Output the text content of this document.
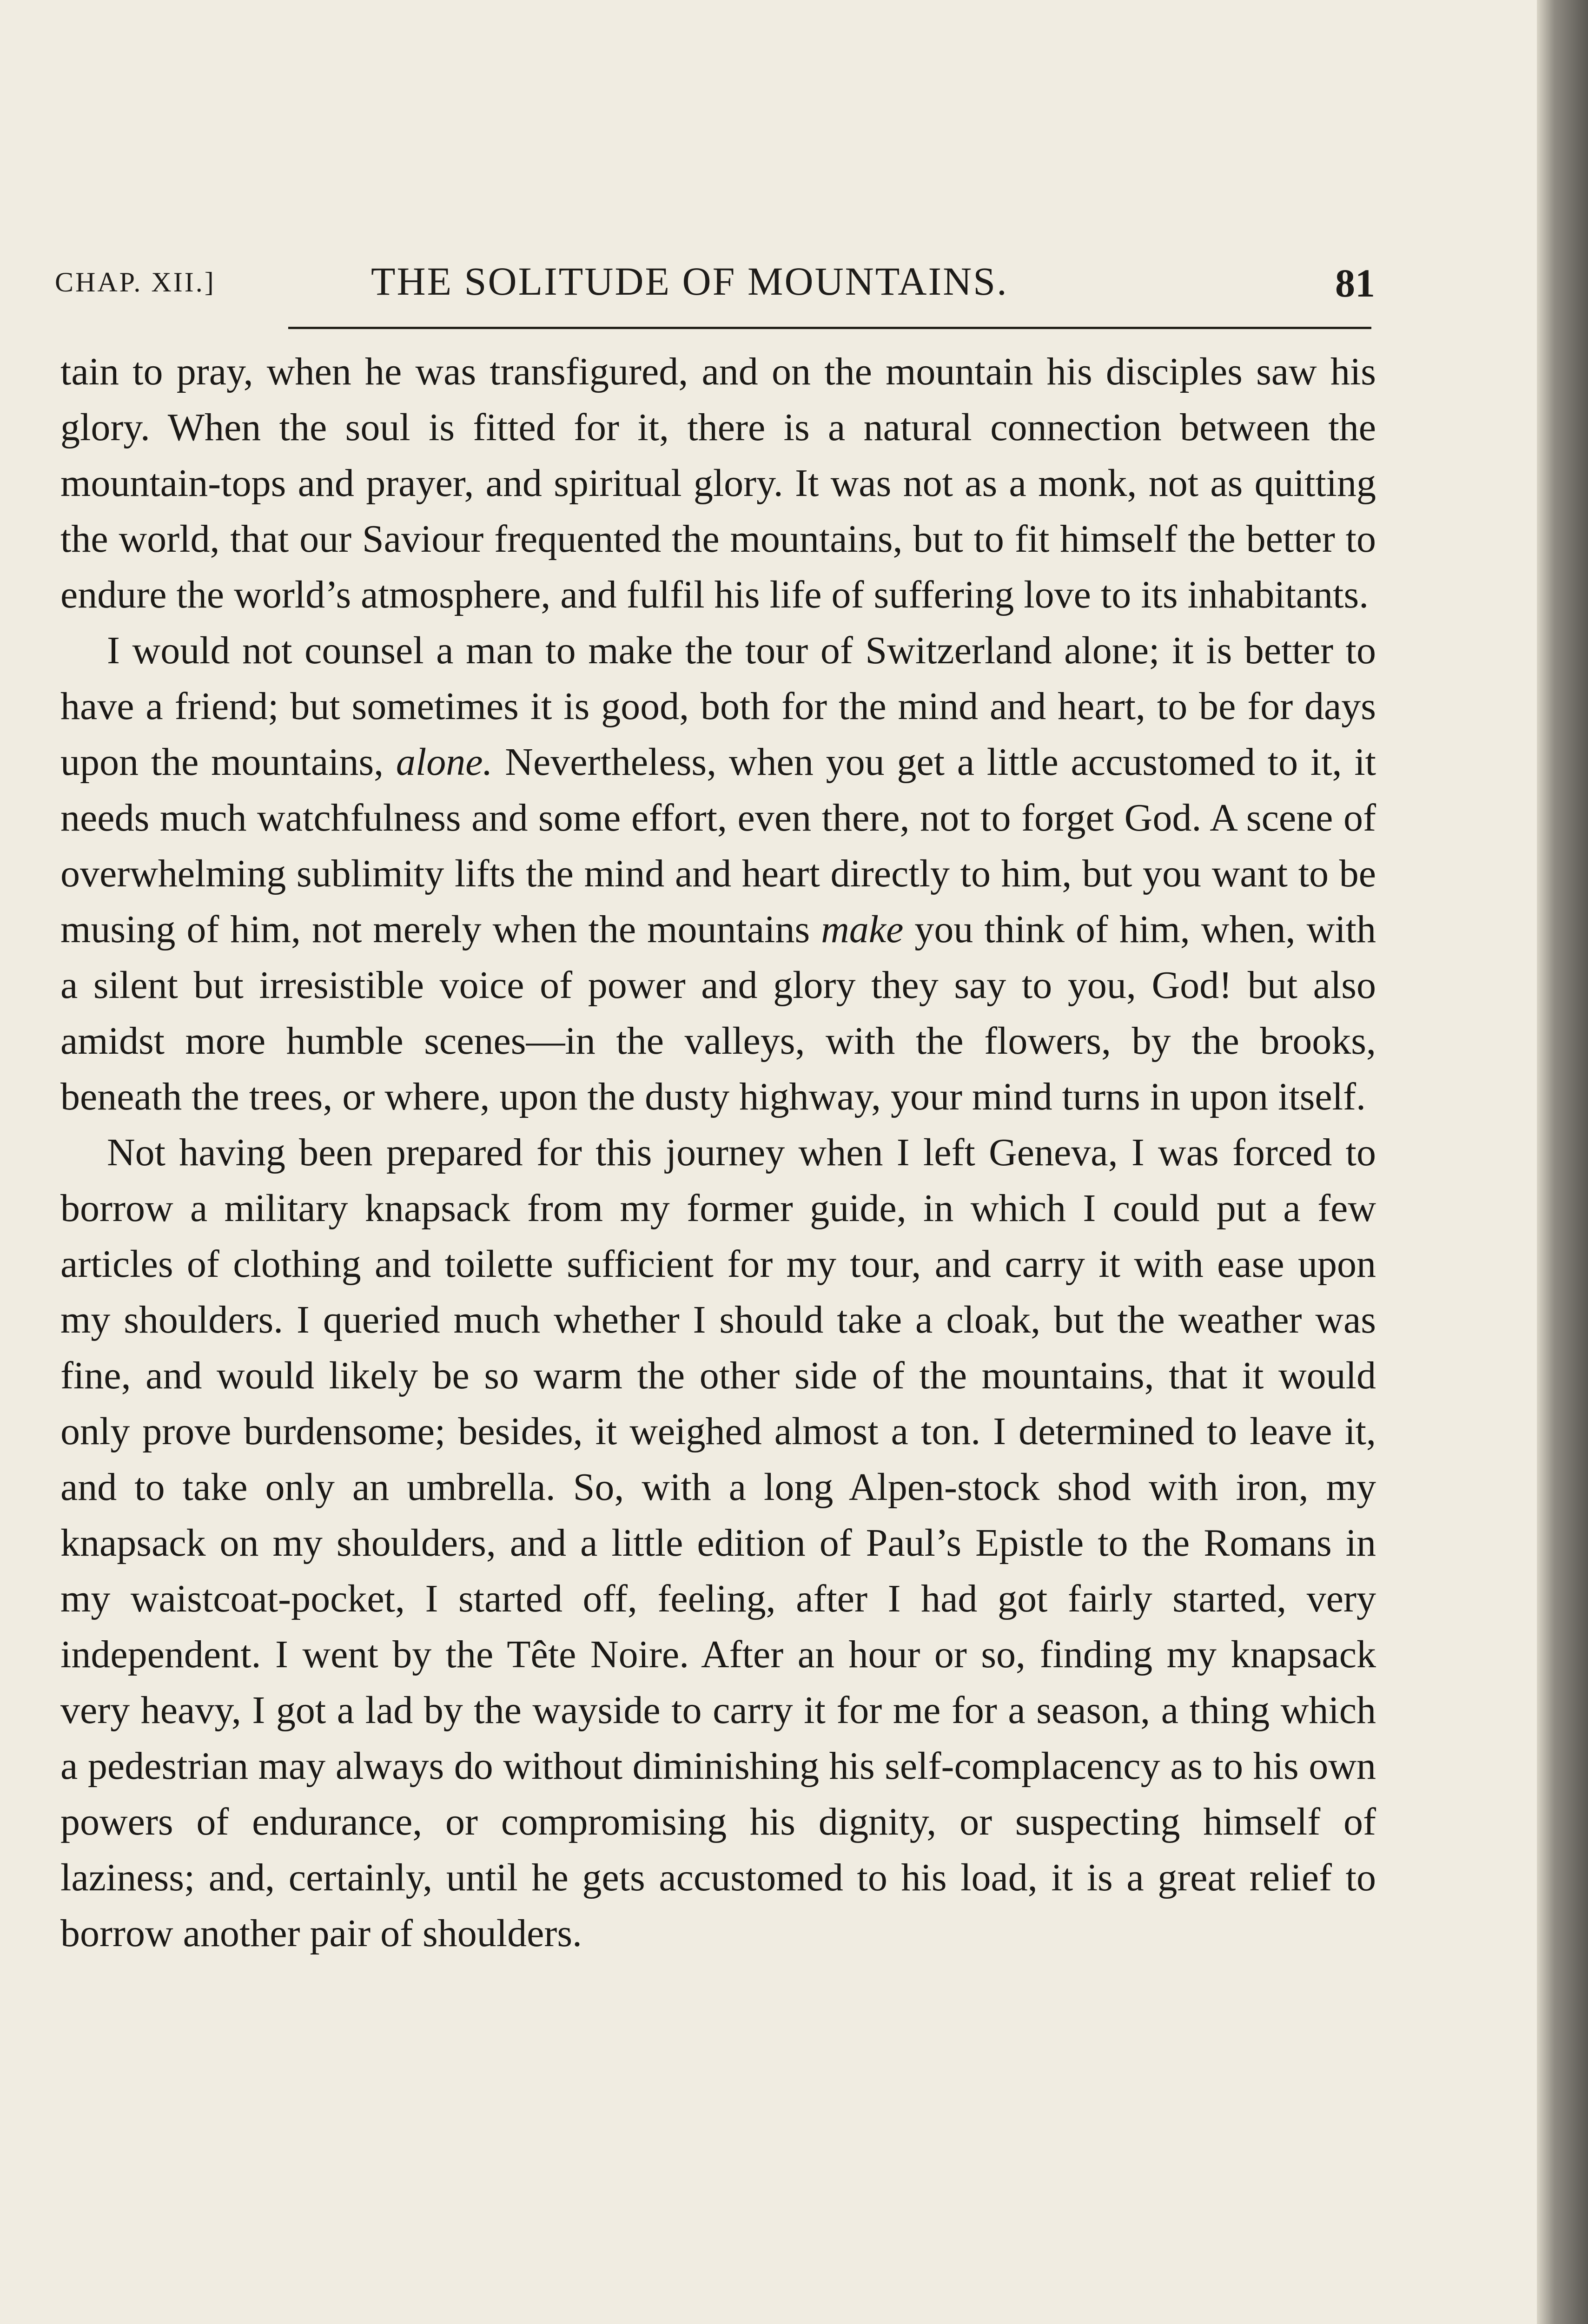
CHAP. XII.]	THE SOLITUDE OF MOUNTAINS.	81

tain to pray, when he was transfigured, and on the mountain his disciples saw his glory. When the soul is fitted for it, there is a natural connection between the mountain-tops and prayer, and spiritual glory. It was not as a monk, not as quitting the world, that our Saviour frequented the mountains, but to fit himself the better to endure the world’s atmosphere, and fulfil his life of suffering love to its inhabitants.

I would not counsel a man to make the tour of Switzerland alone; it is better to have a friend; but sometimes it is good, both for the mind and heart, to be for days upon the mountains, alone. Nevertheless, when you get a little accustomed to it, it needs much watchfulness and some effort, even there, not to forget God. A scene of overwhelming sublimity lifts the mind and heart directly to him, but you want to be musing of him, not merely when the mountains make you think of him, when, with a silent but irresistible voice of power and glory they say to you, God! but also amidst more humble scenes—in the valleys, with the flowers, by the brooks, beneath the trees, or where, upon the dusty highway, your mind turns in upon itself.

Not having been prepared for this journey when I left Geneva, I was forced to borrow a military knapsack from my former guide, in which I could put a few articles of clothing and toilette sufficient for my tour, and carry it with ease upon my shoulders. I queried much whether I should take a cloak, but the weather was fine, and would likely be so warm the other side of the mountains, that it would only prove burdensome; besides, it weighed almost a ton. I determined to leave it, and to take only an umbrella. So, with a long Alpen-stock shod with iron, my knapsack on my shoulders, and a little edition of Paul’s Epistle to the Romans in my waistcoat-pocket, I started off, feeling, after I had got fairly started, very independent. I went by the Tête Noire. After an hour or so, finding my knapsack very heavy, I got a lad by the wayside to carry it for me for a season, a thing which a pedestrian may always do without diminishing his self-complacency as to his own powers of endurance, or compromising his dignity, or suspecting himself of laziness; and, certainly, until he gets accustomed to his load, it is a great relief to borrow another pair of shoulders.
